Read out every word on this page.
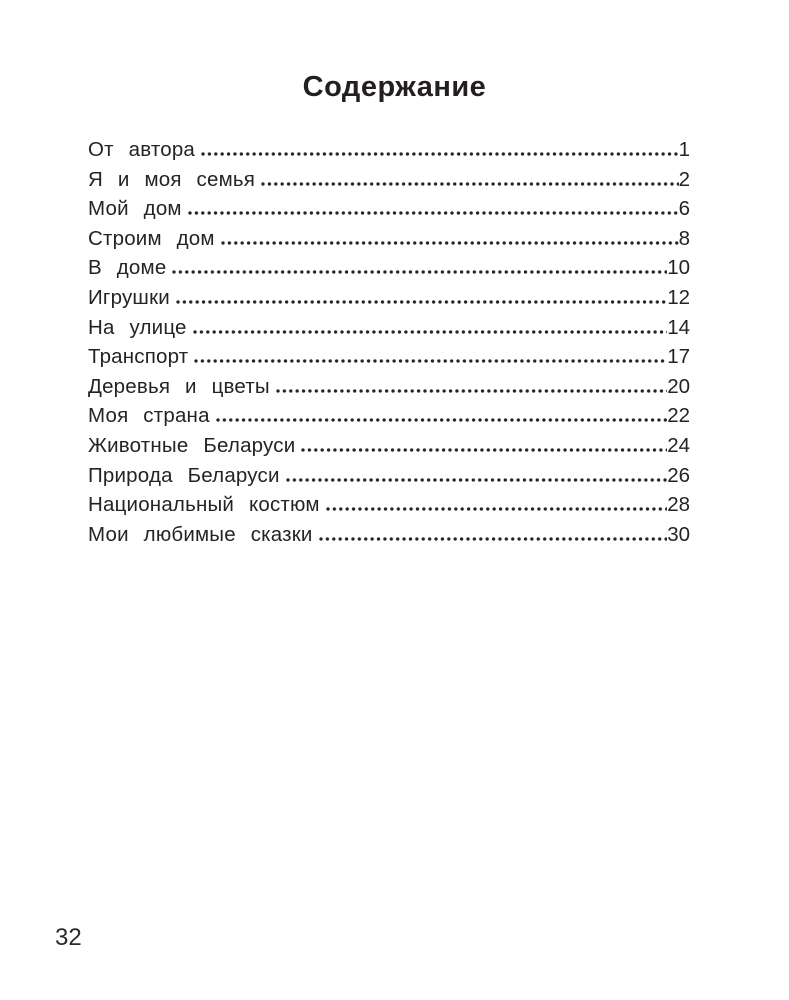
Содержание
От автора	1
Я и моя семья	2
Мой дом	6
Строим дом	8
В доме	10
Игрушки	12
На улице	14
Транспорт	17
Деревья и цветы	20
Моя страна	22
Животные Беларуси	24
Природа Беларуси	26
Национальный костюм	28
Мои любимые сказки	30
32
